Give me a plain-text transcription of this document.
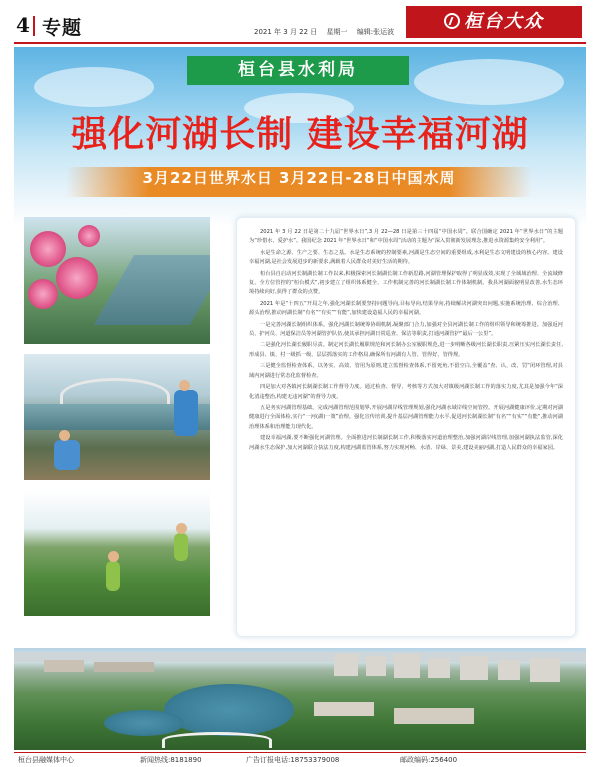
4 专题	2021 年 3 月 22 日 星期一 编辑:张运波	桓台大众
桓台县水利局
强化河湖长制 建设幸福河湖
3月22日世界水日 3月22日-28日中国水周

2021 年 3 月 22 日是第二十九届“世界水日”,3 月 22—28 日是第三十四届“中国水周”。联合国确定 2021 年“世界水日”的主题为“珍惜水、爱护水”。我国纪念 2021 年“世界水日”和“中国水周”活动的主题为“深入贯彻新发展理念,推进水资源集约安全利用”。

水是生命之源、生产之要、生态之基。水是生态系统的控制要素,河湖是生态空间的重要组成,水利是生态文明建设的核心内容。建设幸福河湖,是社会发展进步的新要求,满载着人民群众对美好生活的期待。

桓台县自启动河长制湖长制工作以来,积极探索河长制湖长制工作新思路,河湖管理保护取得了明显成效,实现了全域域治理、全流域修复、全方位管控的“桓台模式”,初步建立了组织体系健全、工作机制完善的河长制湖长制工作体制机制。我县河湖面貌明显改善,水生态环境持续向好,获得了群众的点赞。

2021 年是“十四五”开局之年,强化河湖长制要坚持问题导向,目标导向,结果导向,持续解决河湖突出问题,实施系统治理、综合治理、源头治理,推动河湖长制“有名”“有实”“有能”,加快建设造福人民的幸福河湖。

一是完善河湖长制组织体系。强化河湖长制统筹协调机制,凝聚部门合力,加强对全县河湖长制工作的组织领导和统筹推进。加强返河员、护河员、河道保洁员等河湖管护队伍,使其承担河湖日常巡查、保洁等职责,打通河湖管护“最后一公里”。

二是强化河长湖长履职尽责。制定河长湖长履职规范和河长制办公室履职规范,进一步明晰各级河长湖长职责,压紧压实河长湖长责任,形成县、镇、村一级抓一级、层层抓落实的工作格局,确保所有河湖有人管、管得好、管得规。

三是健全监督检查体系。以务实、高效、管用为原则,建立监督检查体系,不留死角,不留空白,全覆盖“查、认、改、罚”闭环管理,对县域内河湖进行常态化监督检查。

四是加大对各镇河长制湖长制工作督导力度。通过检查、督导、考核等方式加大对镇级河湖长制工作的落实力度,尤其是加强今年“深化清违整治,构建无违河湖”的督导力度。

五是务实河湖管理基础。完成河湖管理范围划界,开展河湖岸线管理规划,强化河湖水域岸线空间管控。开展河湖健康评价,定期对河湖健康进行全面体检,实行“一河(湖)一策”治理。强化宣传培训,提升基层河湖管理能力水平,促进河长制湖长制“有名”“有实”“有能”,推动河湖治理体系和治理能力现代化。

建设幸福河湖,要不断强化河湖管理。全面推进河长制湖长制工作,积极落实河道治理整治,加强河湖岸线管理,加强河湖执法监管,深化河湖水生态保护,加大河湖联合执法力度,构建河湖监管体系,努力实现河畅、水清、岸绿、景美,建设美丽河湖,打造人民群众的幸福家园。

桓台县融媒体中心	新闻热线:8181890	广告订报电话:18753379008	邮政编码:256400
